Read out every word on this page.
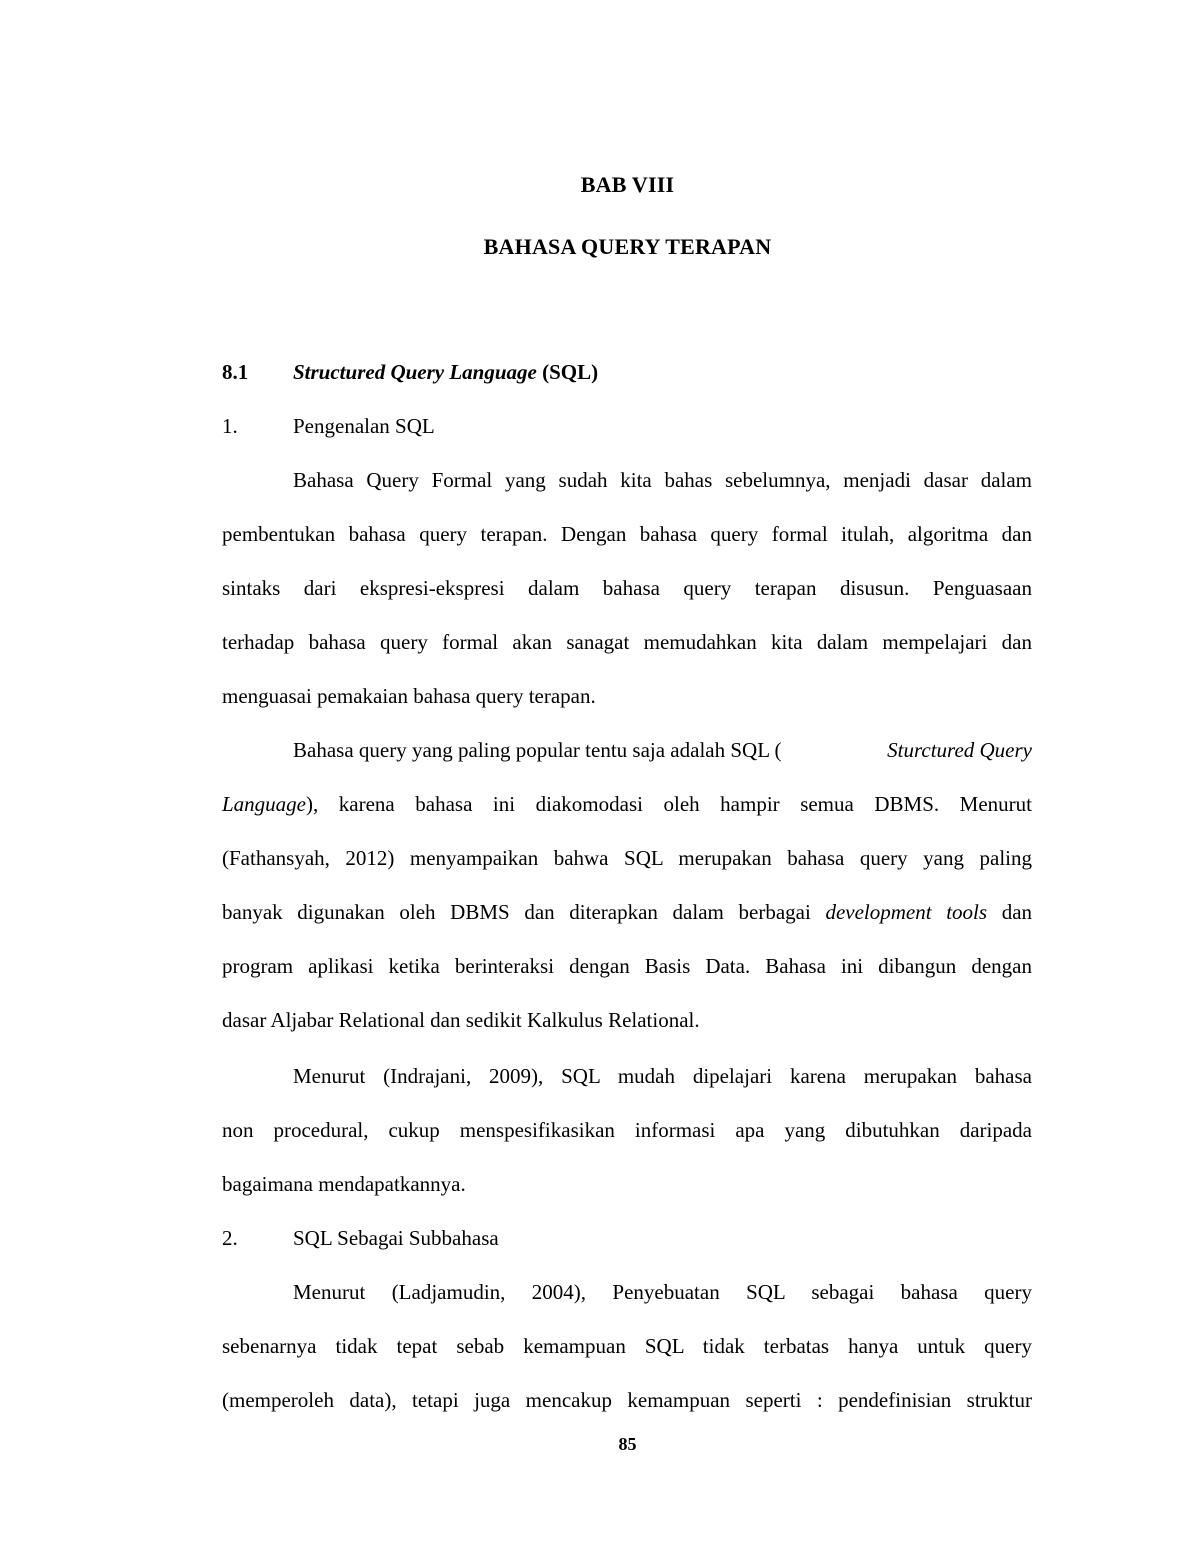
BAB VIII
BAHASA QUERY TERAPAN
8.1 Structured Query Language (SQL)
1.	Pengenalan SQL
Bahasa Query Formal yang sudah kita bahas sebelumnya, menjadi dasar dalam
pembentukan bahasa query terapan. Dengan bahasa query formal itulah, algoritma dan
sintaks dari ekspresi-ekspresi dalam bahasa query terapan disusun. Penguasaan
terhadap bahasa query formal akan sanagat memudahkan kita dalam mempelajari dan
menguasai pemakaian bahasa query terapan.
Bahasa query yang paling popular tentu saja adalah SQL (	Sturctured Query
Language), karena bahasa ini diakomodasi oleh hampir semua DBMS. Menurut
(Fathansyah, 2012) menyampaikan bahwa SQL merupakan bahasa query yang paling
banyak digunakan oleh DBMS dan diterapkan dalam berbagai development tools dan
program aplikasi ketika berinteraksi dengan Basis Data. Bahasa ini dibangun dengan
dasar Aljabar Relational dan sedikit Kalkulus Relational.
Menurut (Indrajani, 2009), SQL mudah dipelajari karena merupakan bahasa
non procedural, cukup menspesifikasikan informasi apa yang dibutuhkan daripada
bagaimana mendapatkannya.
2.	SQL Sebagai Subbahasa
Menurut (Ladjamudin, 2004), Penyebuatan SQL sebagai bahasa query
sebenarnya tidak tepat sebab kemampuan SQL tidak terbatas hanya untuk query
(memperoleh data), tetapi juga mencakup kemampuan seperti : pendefinisian struktur
85
